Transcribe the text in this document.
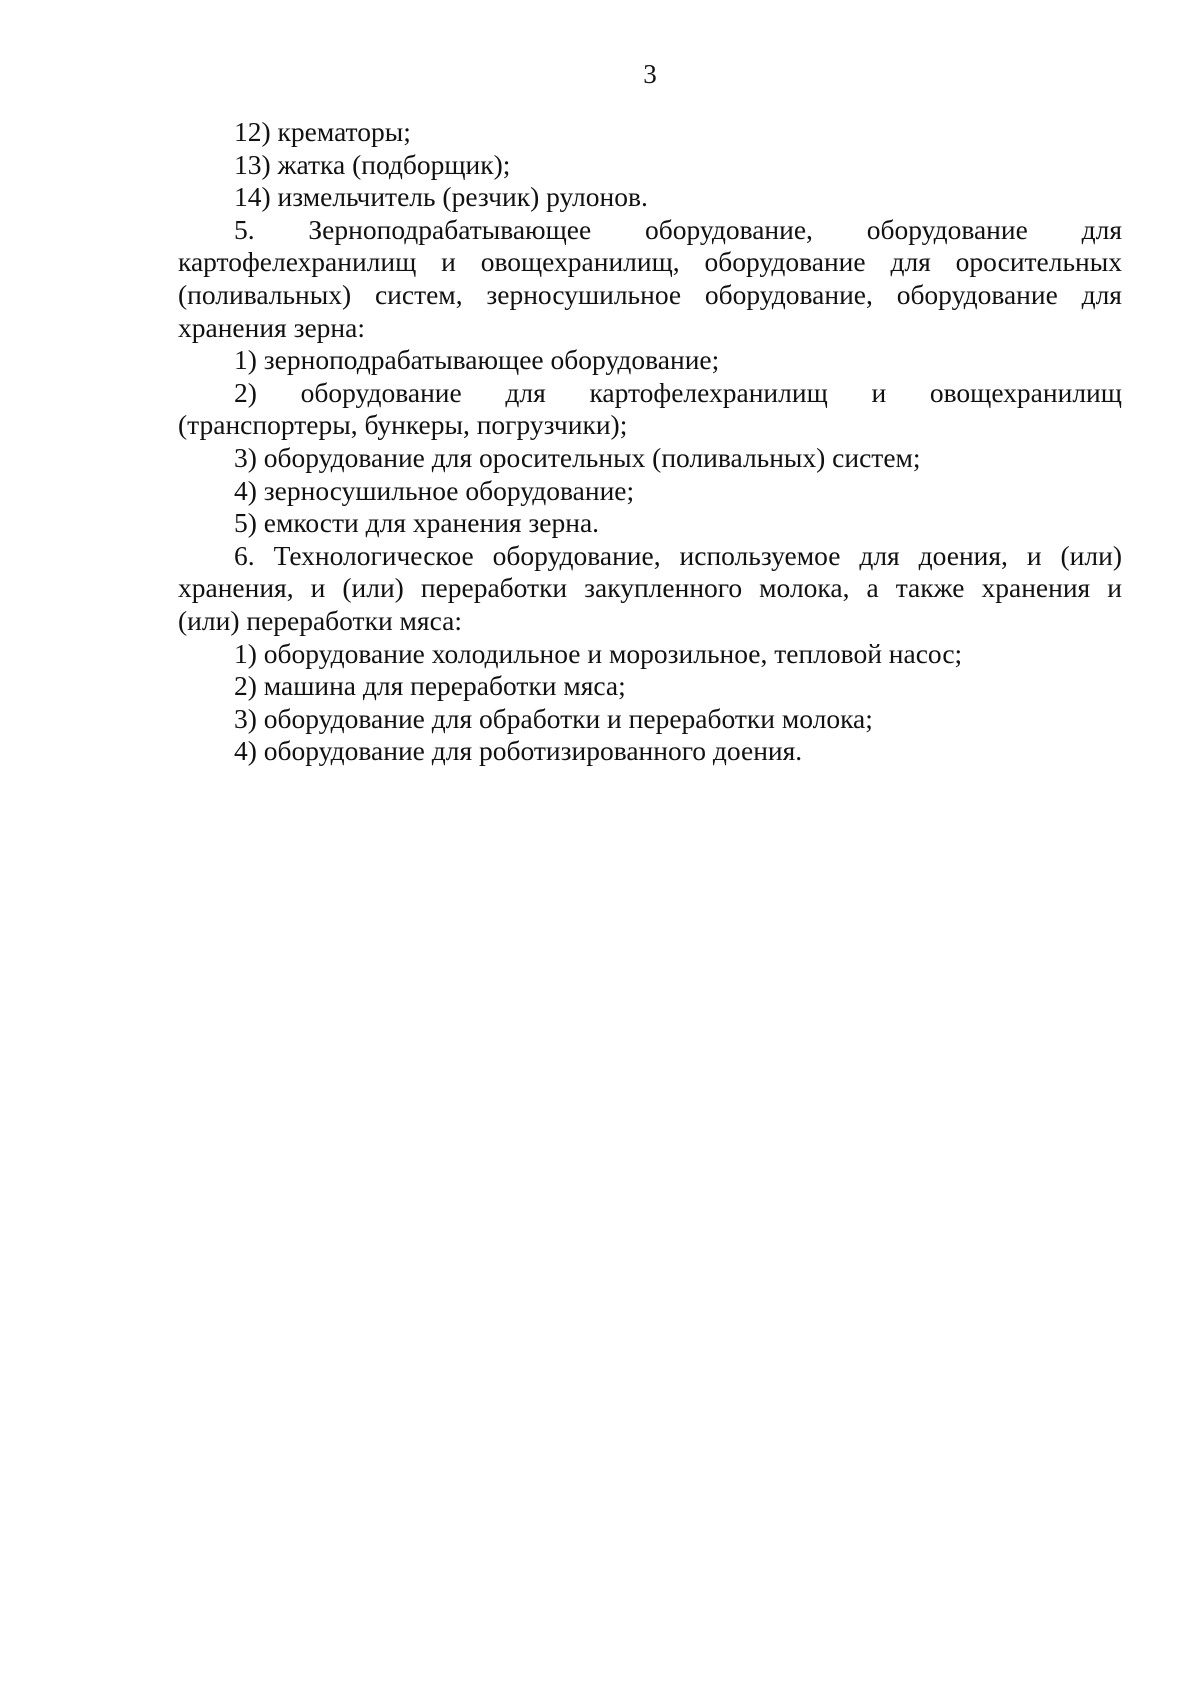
3
12) крематоры;
13) жатка (подборщик);
14) измельчитель (резчик) рулонов.
5. Зерноподрабатывающее оборудование, оборудование для
картофелехранилищ и овощехранилищ, оборудование для оросительных
(поливальных) систем, зерносушильное оборудование, оборудование для
хранения зерна:
1) зерноподрабатывающее оборудование;
2) оборудование для картофелехранилищ и овощехранилищ
(транспортеры, бункеры, погрузчики);
3) оборудование для оросительных (поливальных) систем;
4) зерносушильное оборудование;
5) емкости для хранения зерна.
6. Технологическое оборудование, используемое для доения, и (или)
хранения, и (или) переработки закупленного молока, а также хранения и
(или) переработки мяса:
1) оборудование холодильное и морозильное, тепловой насос;
2) машина для переработки мяса;
3) оборудование для обработки и переработки молока;
4) оборудование для роботизированного доения.
